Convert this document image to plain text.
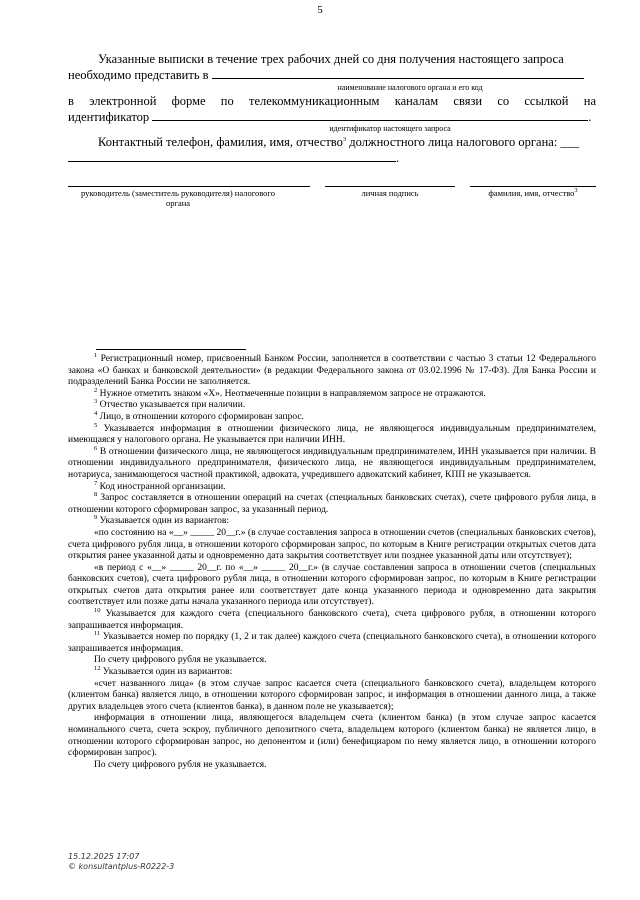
5

Указанные выписки в течение трех рабочих дней со дня получения настоящего запроса

необходимо представить в

наименование налогового органа и его код

в электронной форме по телекоммуникационным каналам связи со ссылкой на

идентификатор	.

идентификатор настоящего запроса

Контактный телефон, фамилия, имя, отчество$^3$ должностного лица налогового органа: ___

.

руководитель (заместитель руководителя) налогового органа
личная подпись	фамилия, имя, отчество$^3$

$^1$ Регистрационный номер, присвоенный Банком России, заполняется в соответствии с частью 3 статьи 12 Федерального закона «О банках и банковской деятельности» (в редакции Федерального закона от 03.02.1996 № 17-ФЗ). Для Банка России и подразделений Банка России не заполняется.

$^2$ Нужное отметить знаком «Х». Неотмеченные позиции в направляемом запросе не отражаются.

$^3$ Отчество указывается при наличии.

$^4$ Лицо, в отношении которого сформирован запрос.

$^5$ Указывается информация в отношении физического лица, не являющегося индивидуальным предпринимателем, имеющаяся у налогового органа. Не указывается при наличии ИНН.

$^6$ В отношении физического лица, не являющегося индивидуальным предпринимателем, ИНН указывается при наличии. В отношении индивидуального предпринимателя, физического лица, не являющегося индивидуальным предпринимателем, нотариуса, занимающегося частной практикой, адвоката, учредившего адвокатский кабинет, КПП не указывается.

$^7$ Код иностранной организации.

$^8$ Запрос составляется в отношении операций на счетах (специальных банковских счетах), счете цифрового рубля лица, в отношении которого сформирован запрос, за указанный период.

$^9$ Указывается один из вариантов:

«по состоянию на «__» _____ 20__г.» (в случае составления запроса в отношении счетов (специальных банковских счетов), счета цифрового рубля лица, в отношении которого сформирован запрос, по которым в Книге регистрации открытых счетов дата открытия ранее указанной даты и одновременно дата закрытия соответствует или позднее указанной даты или отсутствует);

«в период с «__» _____ 20__г. по «__» _____ 20__г.» (в случае составления запроса в отношении счетов (специальных банковских счетов), счета цифрового рубля лица, в отношении которого сформирован запрос, по которым в Книге регистрации открытых счетов дата открытия ранее или соответствует дате конца указанного периода и одновременно дата закрытия соответствует или позже даты начала указанного периода или отсутствует).

$^{10}$ Указывается для каждого счета (специального банковского счета), счета цифрового рубля, в отношении которого запрашивается информация.

$^{11}$ Указывается номер по порядку (1, 2 и так далее) каждого счета (специального банковского счета), в отношении которого запрашивается информация.

По счету цифрового рубля не указывается.

$^{12}$ Указывается один из вариантов:

«счет названного лица» (в этом случае запрос касается счета (специального банковского счета), владельцем которого (клиентом банка) является лицо, в отношении которого сформирован запрос, и информация в отношении данного лица, а также других владельцев этого счета (клиентов банка), в данном поле не указывается);

информация в отношении лица, являющегося владельцем счета (клиентом банка) (в этом случае запрос касается номинального счета, счета эскроу, публичного депозитного счета, владельцем которого (клиентом банка) не является лицо, в отношении которого сформирован запрос, но депонентом и (или) бенефициаром по нему является лицо, в отношении которого сформирован запрос).

По счету цифрового рубля не указывается.

15.12.2025 17:07
© konsultantplus-R0222-3
